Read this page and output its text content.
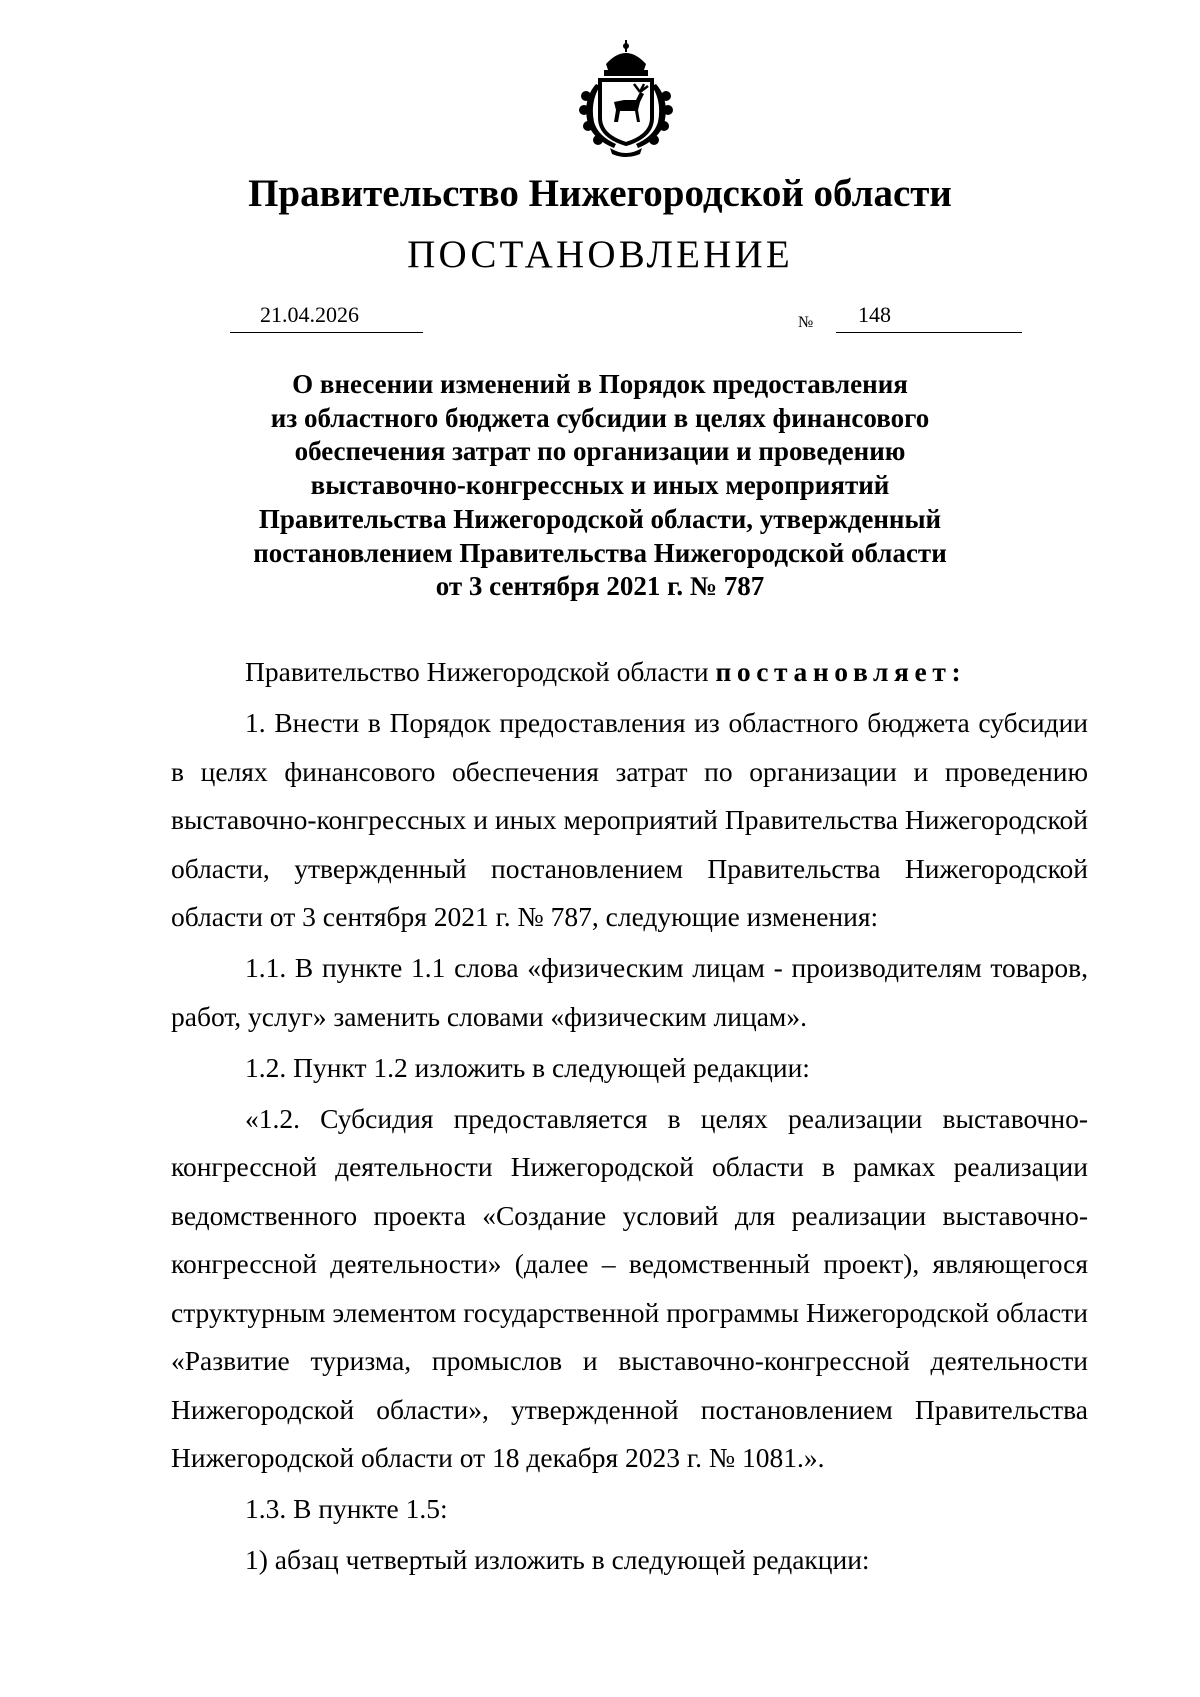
Правительство Нижегородской области
ПОСТАНОВЛЕНИЕ
21.04.2026	№ 148
О внесении изменений в Порядок предоставления
из областного бюджета субсидии в целях финансового
обеспечения затрат по организации и проведению
выставочно-конгрессных и иных мероприятий
Правительства Нижегородской области, утвержденный
постановлением Правительства Нижегородской области
от 3 сентября 2021 г. № 787

Правительство Нижегородской области постановляет:

1. Внести в Порядок предоставления из областного бюджета субсидии в целях финансового обеспечения затрат по организации и проведению выставочно-конгрессных и иных мероприятий Правительства Нижегородской области, утвержденный постановлением Правительства Нижегородской области от 3 сентября 2021 г. № 787, следующие изменения:

1.1. В пункте 1.1 слова «физическим лицам - производителям товаров, работ, услуг» заменить словами «физическим лицам».

1.2. Пункт 1.2 изложить в следующей редакции:

«1.2. Субсидия предоставляется в целях реализации выставочно-конгрессной деятельности Нижегородской области в рамках реализации ведомственного проекта «Создание условий для реализации выставочно-конгрессной деятельности» (далее – ведомственный проект), являющегося структурным элементом государственной программы Нижегородской области «Развитие туризма, промыслов и выставочно-конгрессной деятельности Нижегородской области», утвержденной постановлением Правительства Нижегородской области от 18 декабря 2023 г. № 1081.».

1.3. В пункте 1.5:

1) абзац четвертый изложить в следующей редакции:
